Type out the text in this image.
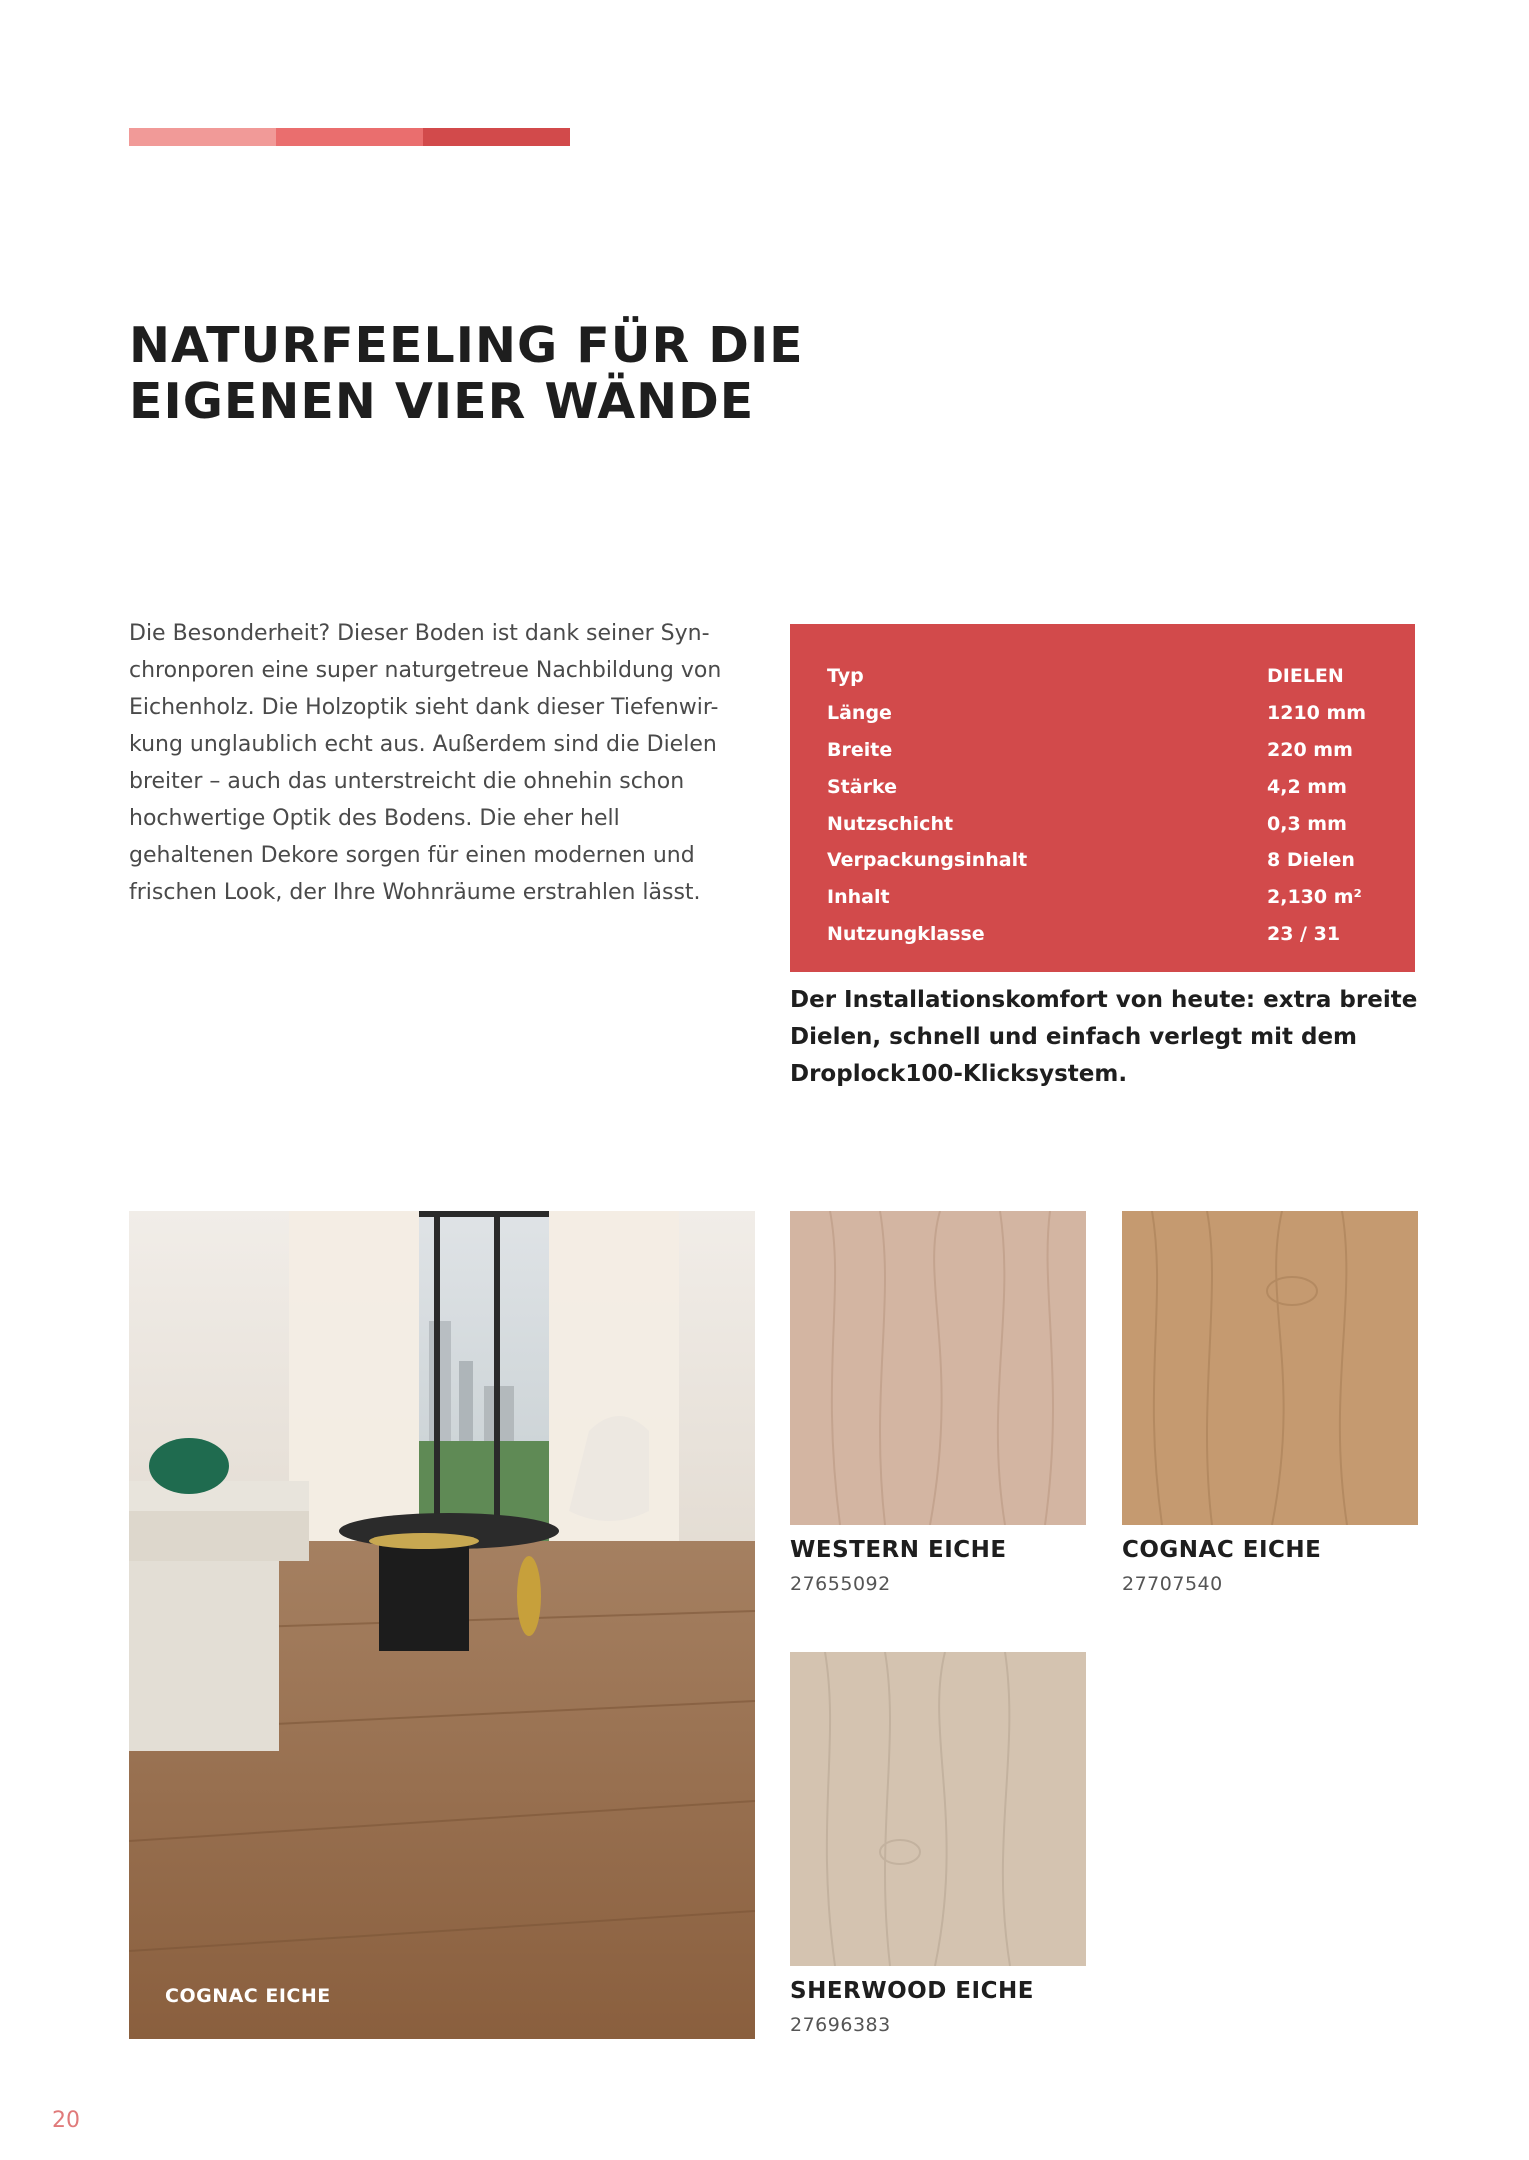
NATURFEELING FÜR DIE EIGENEN VIER WÄNDE

Die Besonderheit? Dieser Boden ist dank seiner Syn-chronporen eine super naturgetreue Nachbildung von Eichenholz. Die Holzoptik sieht dank dieser Tiefenwir-kung unglaublich echt aus. Außerdem sind die Dielen breiter – auch das unterstreicht die ohnehin schon hochwertige Optik des Bodens. Die eher hell gehaltenen Dekore sorgen für einen modernen und frischen Look, der Ihre Wohnräume erstrahlen lässt.

Typ	DIELEN
Länge	1210 mm
Breite	220 mm
Stärke	4,2 mm
Nutzschicht	0,3 mm
Verpackungsinhalt	8 Dielen
Inhalt	2,130 m²
Nutzungklasse	23 / 31

Der Installationskomfort von heute: extra breite Dielen, schnell und einfach verlegt mit dem Droplock100-Klicksystem.

COGNAC EICHE
WESTERN EICHE
27655092
COGNAC EICHE
27707540
SHERWOOD EICHE
27696383
20
